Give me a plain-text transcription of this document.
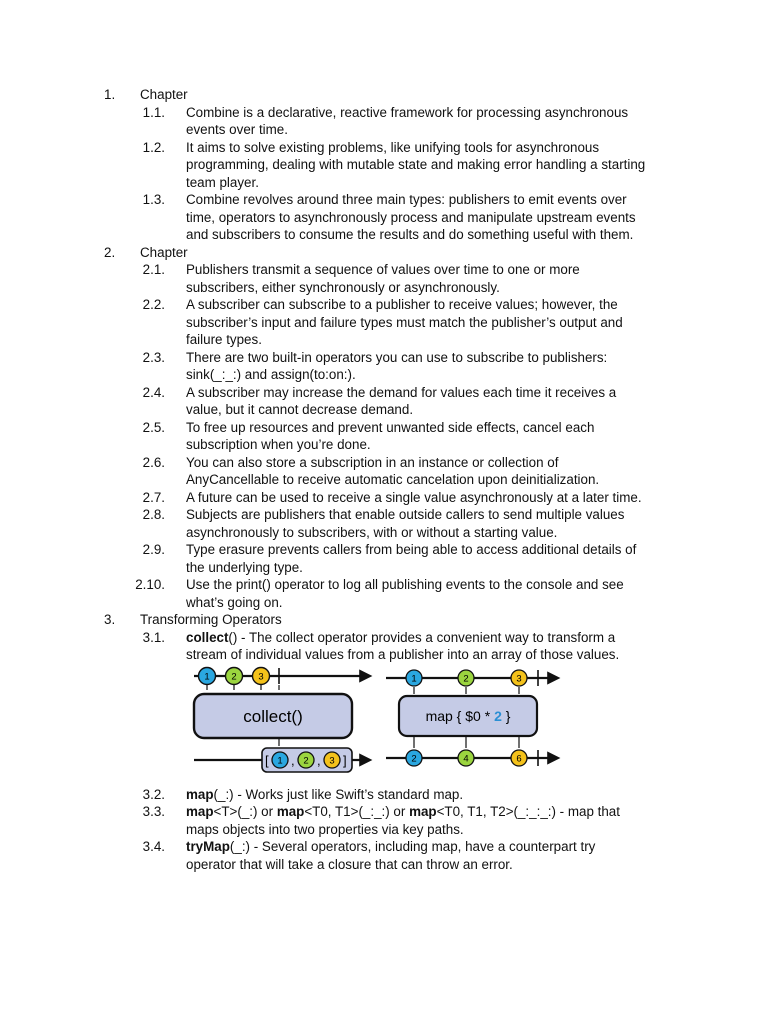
1. Chapter
1.1. Combine is a declarative, reactive framework for processing asynchronous
events over time.
1.2. It aims to solve existing problems, like unifying tools for asynchronous
programming, dealing with mutable state and making error handling a starting
team player.
1.3. Combine revolves around three main types: publishers to emit events over
time, operators to asynchronously process and manipulate upstream events
and subscribers to consume the results and do something useful with them.
2. Chapter
2.1. Publishers transmit a sequence of values over time to one or more
subscribers, either synchronously or asynchronously.
2.2. A subscriber can subscribe to a publisher to receive values; however, the
subscriber’s input and failure types must match the publisher’s output and
failure types.
2.3. There are two built-in operators you can use to subscribe to publishers:
sink(_:_:) and assign(to:on:).
2.4. A subscriber may increase the demand for values each time it receives a
value, but it cannot decrease demand.
2.5. To free up resources and prevent unwanted side effects, cancel each
subscription when you’re done.
2.6. You can also store a subscription in an instance or collection of
AnyCancellable to receive automatic cancelation upon deinitialization.
2.7. A future can be used to receive a single value asynchronously at a later time.
2.8. Subjects are publishers that enable outside callers to send multiple values
asynchronously to subscribers, with or without a starting value.
2.9. Type erasure prevents callers from being able to access additional details of
the underlying type.
2.10. Use the print() operator to log all publishing events to the console and see
what’s going on.
3. Transforming Operators
3.1. collect() - The collect operator provides a convenient way to transform a
stream of individual values from a publisher into an array of those values.
1 2 3
collect()
[ 1 , 2 , 3 ]
1	2	3
map { $0 * 2 }
2	4	6
3.2. map(_:) - Works just like Swift’s standard map.
3.3. map<T>(_:) or map<T0, T1>(_:_:) or map<T0, T1, T2>(_:_:_:) - map that
maps objects into two properties via key paths.
3.4. tryMap(_:) - Several operators, including map, have a counterpart try
operator that will take a closure that can throw an error.
